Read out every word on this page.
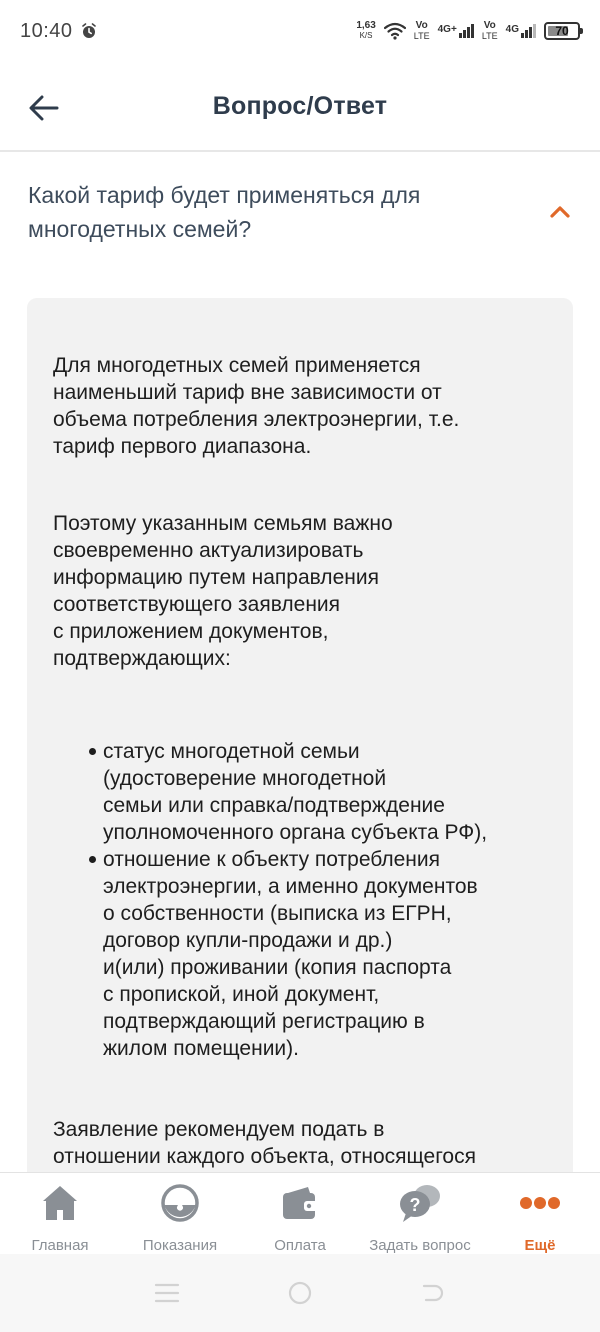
10:40	1,63
K/S
Vo
LTE
4G+	Vo
LTE
4G	70
Вопрос/Ответ
Какой тариф будет применяться для многодетных семей?

Для многодетных семей применяется
наименьший тариф вне зависимости от
объема потребления электроэнергии, т.е.
тариф первого диапазона.

Поэтому указанным семьям важно
своевременно актуализировать
информацию путем направления
соответствующего заявления
с приложением документов,
подтверждающих:

статус многодетной семьи
(удостоверение многодетной
семьи или справка/подтверждение
уполномоченного органа субъекта РФ),
отношение к объекту потребления
электроэнергии, а именно документов
о собственности (выписка из ЕГРН,
договор купли-продажи и др.)
и(или) проживании (копия паспорта
с пропиской, иной документ,
подтверждающий регистрацию в
жилом помещении).

Заявление рекомендуем подать в
отношении каждого объекта, относящегося

Главная	Показания	Оплата
?
Задать вопрос	Ещё
